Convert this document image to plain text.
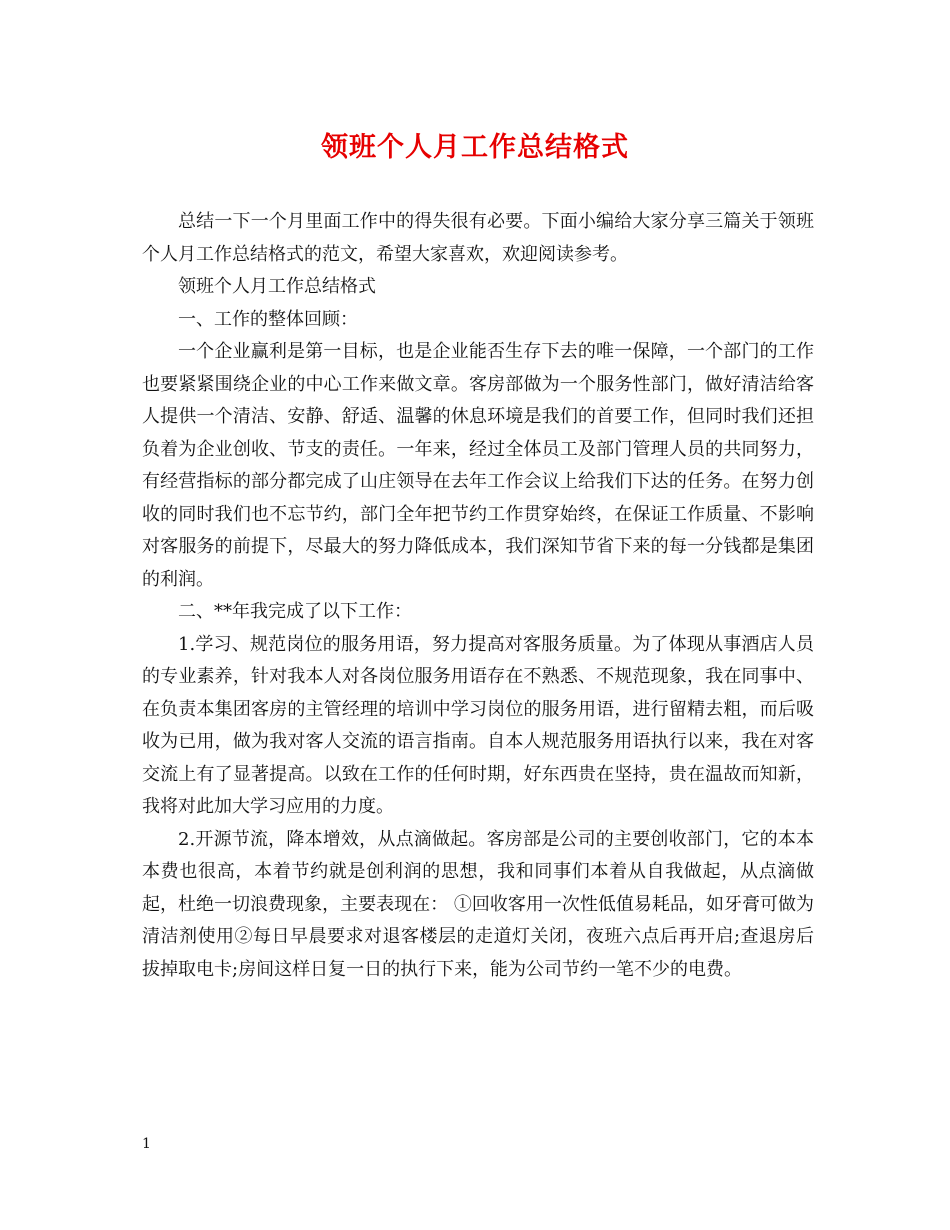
领班个人月工作总结格式

总结一下一个月里面工作中的得失很有必要。下面小编给大家分享三篇关于领班个人月工作总结格式的范文，希望大家喜欢，欢迎阅读参考。

领班个人月工作总结格式

一、工作的整体回顾：

一个企业赢利是第一目标，也是企业能否生存下去的唯一保障，一个部门的工作也要紧紧围绕企业的中心工作来做文章。客房部做为一个服务性部门，做好清洁给客人提供一个清洁、安静、舒适、温馨的休息环境是我们的首要工作，但同时我们还担负着为企业创收、节支的责任。一年来，经过全体员工及部门管理人员的共同努力，有经营指标的部分都完成了山庄领导在去年工作会议上给我们下达的任务。在努力创收的同时我们也不忘节约，部门全年把节约工作贯穿始终，在保证工作质量、不影响对客服务的前提下，尽最大的努力降低成本，我们深知节省下来的每一分钱都是集团的利润。

二、**年我完成了以下工作：

1.学习、规范岗位的服务用语，努力提高对客服务质量。为了体现从事酒店人员的专业素养，针对我本人对各岗位服务用语存在不熟悉、不规范现象，我在同事中、在负责本集团客房的主管经理的培训中学习岗位的服务用语，进行留精去粗，而后吸收为已用，做为我对客人交流的语言指南。自本人规范服务用语执行以来，我在对客交流上有了显著提高。以致在工作的任何时期，好东西贵在坚持，贵在温故而知新，我将对此加大学习应用的力度。

2.开源节流，降本增效，从点滴做起。客房部是公司的主要创收部门，它的本本本费也很高，本着节约就是创利润的思想，我和同事们本着从自我做起，从点滴做起，杜绝一切浪费现象，主要表现在： ①回收客用一次性低值易耗品，如牙膏可做为清洁剂使用②每日早晨要求对退客楼层的走道灯关闭，夜班六点后再开启;查退房后拔掉取电卡;房间这样日复一日的执行下来，能为公司节约一笔不少的电费。

1
